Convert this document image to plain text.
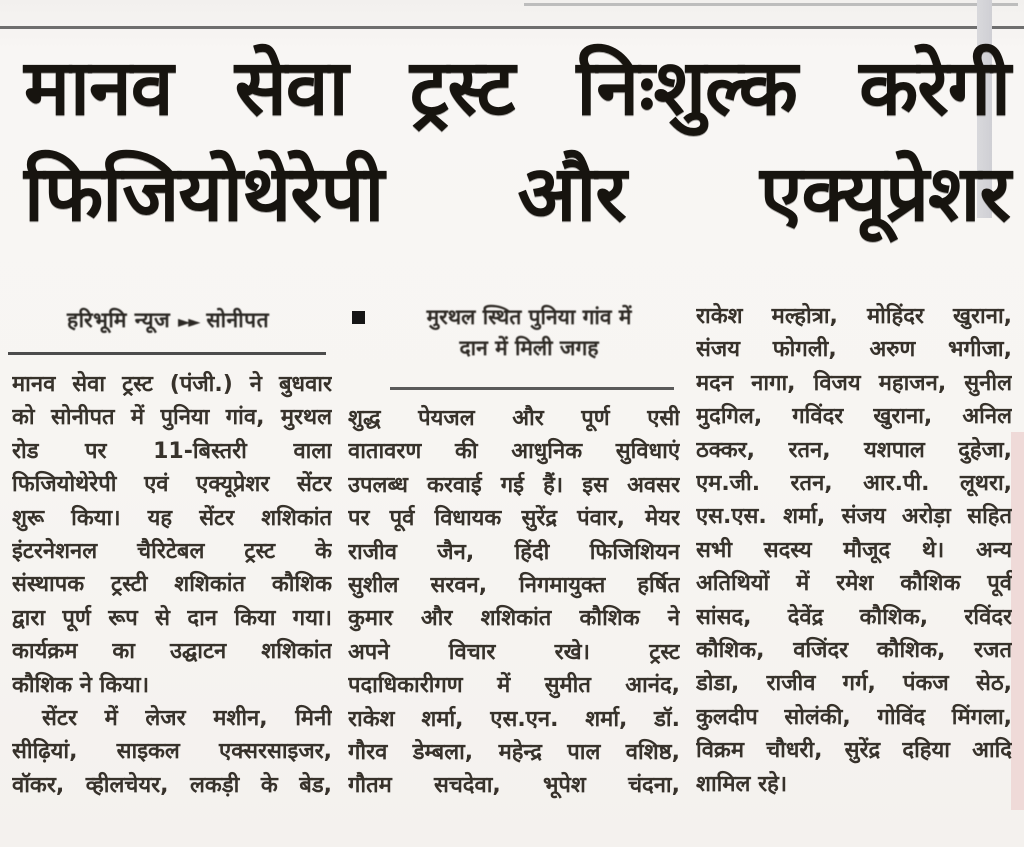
मानव सेवा ट्रस्ट निःशुल्क करेगी
फिजियोथेरेपी और एक्यूप्रेशर
हरिभूमि न्यूज ►► सोनीपत	मुरथल स्थित पुनिया गांव में
दान में मिली जगह
मानव सेवा ट्रस्ट (पंजी.) ने बुधवार
को सोनीपत में पुनिया गांव, मुरथल
रोड पर 11-बिस्तरी वाला
फिजियोथेरेपी एवं एक्यूप्रेशर सेंटर
शुरू किया। यह सेंटर शशिकांत
इंटरनेशनल चैरिटेबल ट्रस्ट के
संस्थापक ट्रस्टी शशिकांत कौशिक
द्वारा पूर्ण रूप से दान किया गया।
कार्यक्रम का उद्घाटन शशिकांत
कौशिक ने किया।
सेंटर में लेजर मशीन, मिनी
सीढ़ियां, साइकल एक्सरसाइजर,
वॉकर, व्हीलचेयर, लकड़ी के बेड,
शुद्ध पेयजल और पूर्ण एसी
वातावरण की आधुनिक सुविधाएं
उपलब्ध करवाई गई हैं। इस अवसर
पर पूर्व विधायक सुरेंद्र पंवार, मेयर
राजीव जैन, हिंदी फिजिशियन
सुशील सरवन, निगमायुक्त हर्षित
कुमार और शशिकांत कौशिक ने
अपने विचार रखे। ट्रस्ट
पदाधिकारीगण में सुमीत आनंद,
राकेश शर्मा, एस.एन. शर्मा, डॉ.
गौरव डेम्बला, महेन्द्र पाल वशिष्ठ,
गौतम सचदेवा, भूपेश चंदना,
राकेश मल्होत्रा, मोहिंदर खुराना,
संजय फोगली, अरुण भगीजा,
मदन नागा, विजय महाजन, सुनील
मुदगिल, गविंदर खुराना, अनिल
ठक्कर, रतन, यशपाल दुहेजा,
एम.जी. रतन, आर.पी. लूथरा,
एस.एस. शर्मा, संजय अरोड़ा सहित
सभी सदस्य मौजूद थे। अन्य
अतिथियों में रमेश कौशिक पूर्व
सांसद, देवेंद्र कौशिक, रविंदर
कौशिक, वजिंदर कौशिक, रजत
डोडा, राजीव गर्ग, पंकज सेठ,
कुलदीप सोलंकी, गोविंद मिंगला,
विक्रम चौधरी, सुरेंद्र दहिया आदि
शामिल रहे।
